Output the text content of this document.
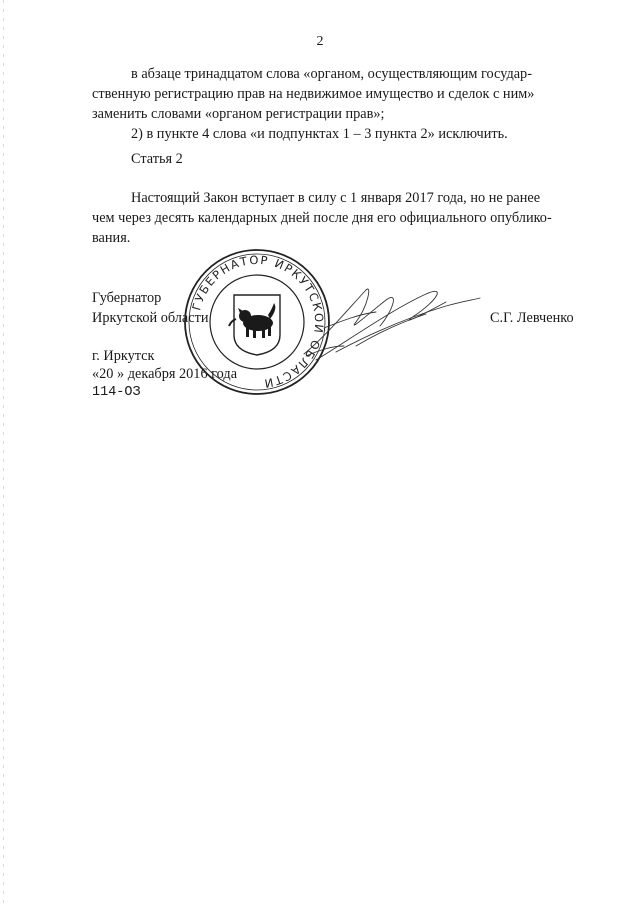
2

в абзаце тринадцатом слова «органом, осуществляющим государ-

ственную регистрацию прав на недвижимое имущество и сделок с ним»

заменить словами «органом регистрации прав»;

2) в пункте 4 слова «и подпунктах 1 – 3 пункта 2» исключить.

Статья 2

Настоящий Закон вступает в силу с 1 января 2017 года, но не ранее

чем через десять календарных дней после дня его официального опублико-

вания.

Губернатор
Иркутской области	С.Г. Левченко
г. Иркутск
«20 » декабря 2016 года
114-ОЗ
ГУБЕРНАТОР ИРКУТСКОЙ ОБЛАСТИ
